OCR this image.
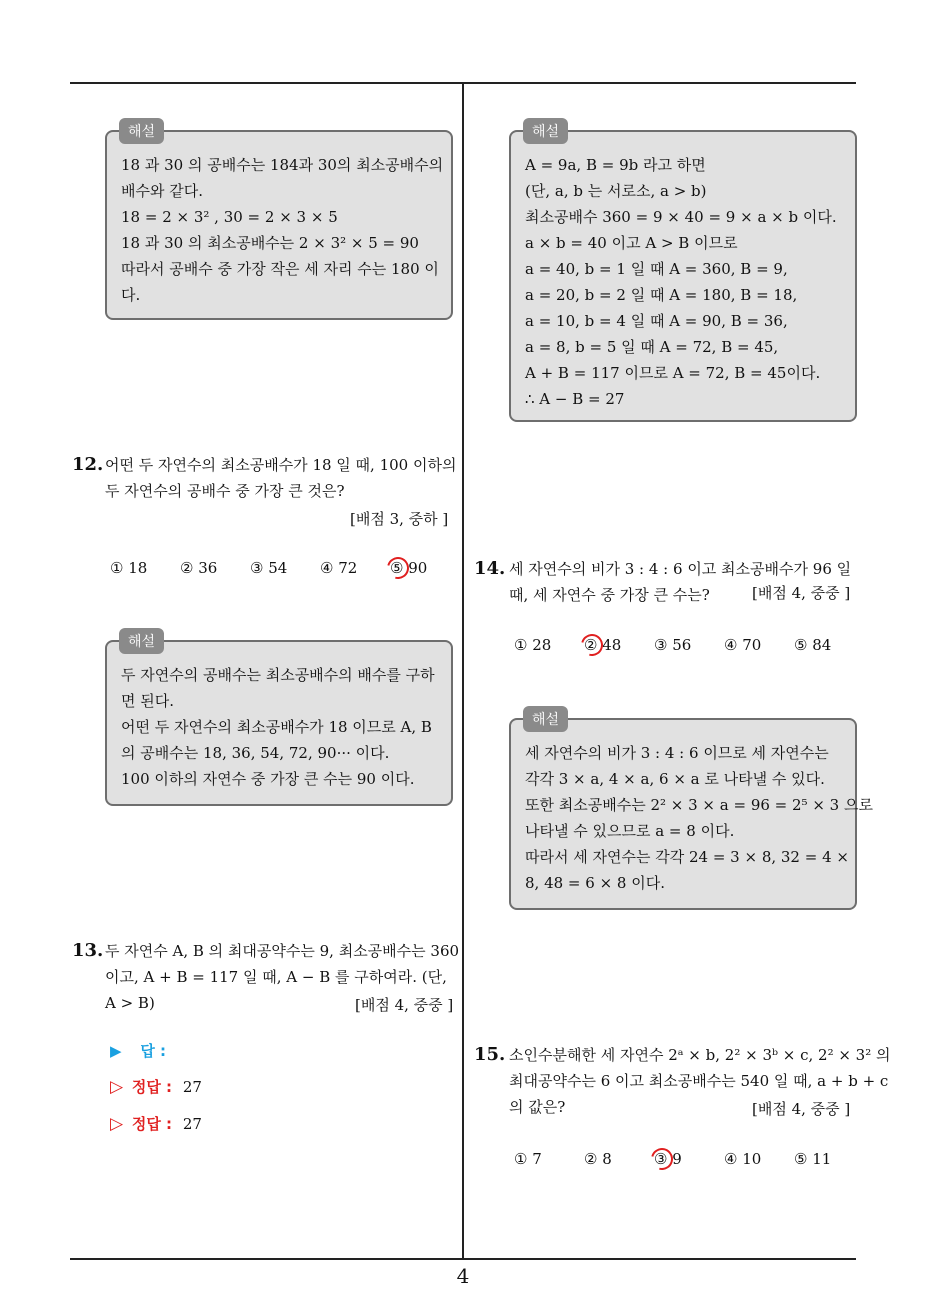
해설
18 과 30 의 공배수는 184과 30의 최소공배수의
배수와 같다.
18 = 2 × 3² , 30 = 2 × 3 × 5
18 과 30 의 최소공배수는 2 × 3² × 5 = 90
따라서 공배수 중 가장 작은 세 자리 수는 180 이
다.
12. 어떤 두 자연수의 최소공배수가 18 일 때, 100 이하의
두 자연수의 공배수 중 가장 큰 것은?
[배점 3, 중하 ]
① 18 ② 36 ③ 54 ④ 72 ⑤ 90
해설
두 자연수의 공배수는 최소공배수의 배수를 구하
면 된다.
어떤 두 자연수의 최소공배수가 18 이므로 A, B
의 공배수는 18, 36, 54, 72, 90··· 이다.
100 이하의 자연수 중 가장 큰 수는 90 이다.
13. 두 자연수 A, B 의 최대공약수는 9, 최소공배수는 360
이고, A + B = 117 일 때, A − B 를 구하여라. (단,
A > B)	[배점 4, 중중 ]
▶ 답 :
▷ 정답 : 27
▷ 정답 : 27
해설
A = 9a, B = 9b 라고 하면
(단, a, b 는 서로소, a > b)
최소공배수 360 = 9 × 40 = 9 × a × b 이다.
a × b = 40 이고 A > B 이므로
a = 40, b = 1 일 때 A = 360, B = 9,
a = 20, b = 2 일 때 A = 180, B = 18,
a = 10, b = 4 일 때 A = 90, B = 36,
a = 8, b = 5 일 때 A = 72, B = 45,
A + B = 117 이므로 A = 72, B = 45이다.
∴ A − B = 27
14. 세 자연수의 비가 3 : 4 : 6 이고 최소공배수가 96 일
때, 세 자연수 중 가장 큰 수는?	[배점 4, 중중 ]
① 28 ② 48 ③ 56 ④ 70 ⑤ 84
해설
세 자연수의 비가 3 : 4 : 6 이므로 세 자연수는
각각 3 × a, 4 × a, 6 × a 로 나타낼 수 있다.
또한 최소공배수는 2² × 3 × a = 96 = 2⁵ × 3 으로
나타낼 수 있으므로 a = 8 이다.
따라서 세 자연수는 각각 24 = 3 × 8, 32 = 4 ×
8, 48 = 6 × 8 이다.
15. 소인수분해한 세 자연수 2ᵃ × b, 2² × 3ᵇ × c, 2² × 3² 의
최대공약수는 6 이고 최소공배수는 540 일 때, a + b + c
의 값은?	[배점 4, 중중 ]
① 7	② 8	③ 9	④ 10 ⑤ 11
4
